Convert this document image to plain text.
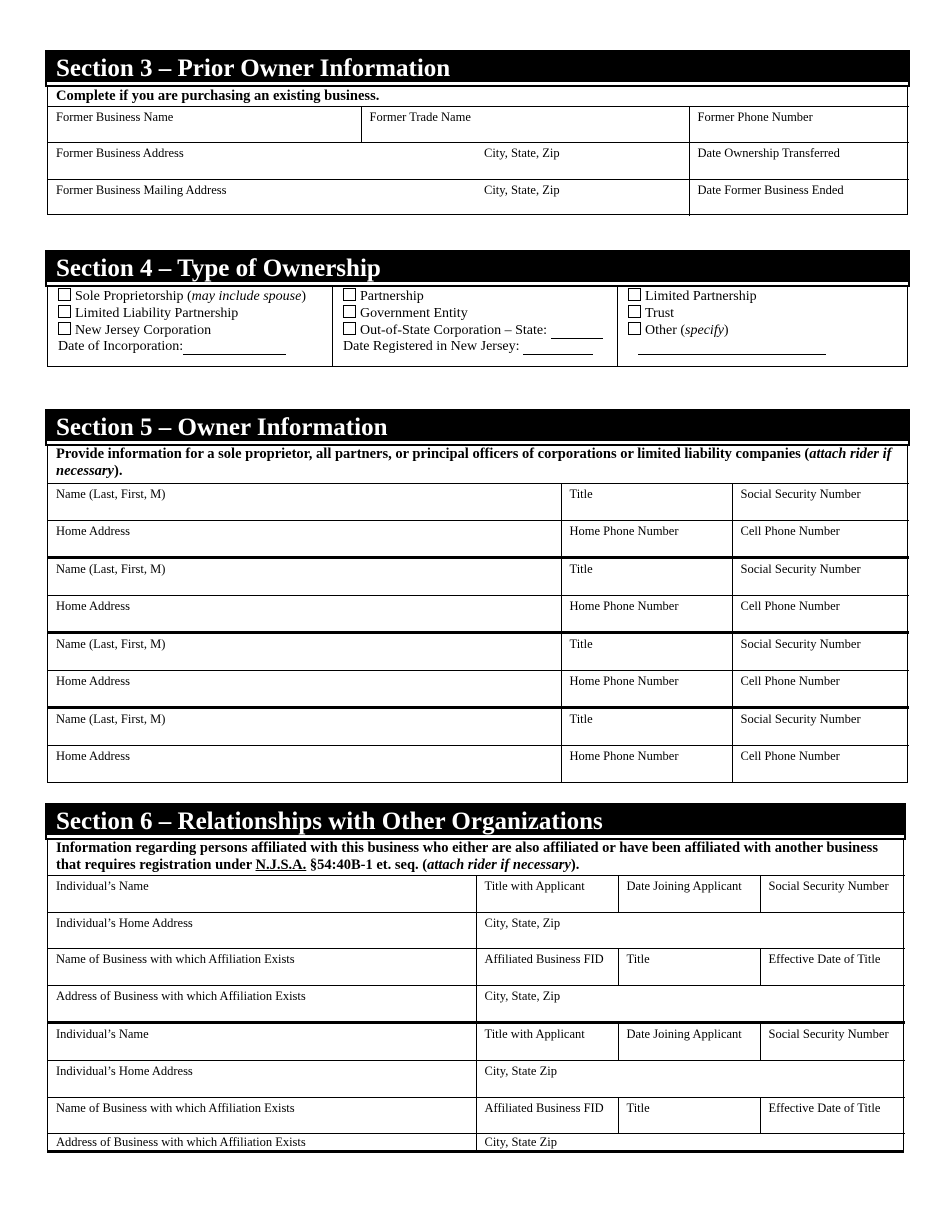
Section 3 – Prior Owner Information
Complete if you are purchasing an existing business.
Former Business Name	Former Trade Name	Former Phone Number
Former Business Address City, State, Zip		Date Ownership Transferred
Former Business Mailing Address City, State, Zip		Date Former Business Ended
Section 4 – Type of Ownership
Sole Proprietorship (may include spouse)
Limited Liability Partnership
New Jersey Corporation
Date of Incorporation:
Partnership
Government Entity
Out-of-State Corporation – State:
Date Registered in New Jersey:
Limited Partnership
Trust
Other (specify)
Section 5 – Owner Information
Provide information for a sole proprietor, all partners, or principal officers of corporations or limited liability companies (attach rider if necessary).
Name (Last, First, M)	Title	Social Security Number
Home Address	Home Phone Number	Cell Phone Number
Name (Last, First, M)	Title	Social Security Number
Home Address	Home Phone Number	Cell Phone Number
Name (Last, First, M)	Title	Social Security Number
Home Address	Home Phone Number	Cell Phone Number
Name (Last, First, M)	Title	Social Security Number
Home Address	Home Phone Number	Cell Phone Number
Section 6 – Relationships with Other Organizations
Information regarding persons affiliated with this business who either are also affiliated or have been affiliated with another business that requires registration under N.J.S.A. §54:40B-1 et. seq. (attach rider if necessary).
Individual’s Name	Title with Applicant	Date Joining Applicant	Social Security Number
Individual’s Home Address	City, State, Zip		
Name of Business with which Affiliation Exists	Affiliated Business FID	Title	Effective Date of Title
Address of Business with which Affiliation Exists	City, State, Zip		
Individual’s Name	Title with Applicant	Date Joining Applicant	Social Security Number
Individual’s Home Address	City, State Zip		
Name of Business with which Affiliation Exists	Affiliated Business FID	Title	Effective Date of Title
Address of Business with which Affiliation Exists	City, State Zip		
